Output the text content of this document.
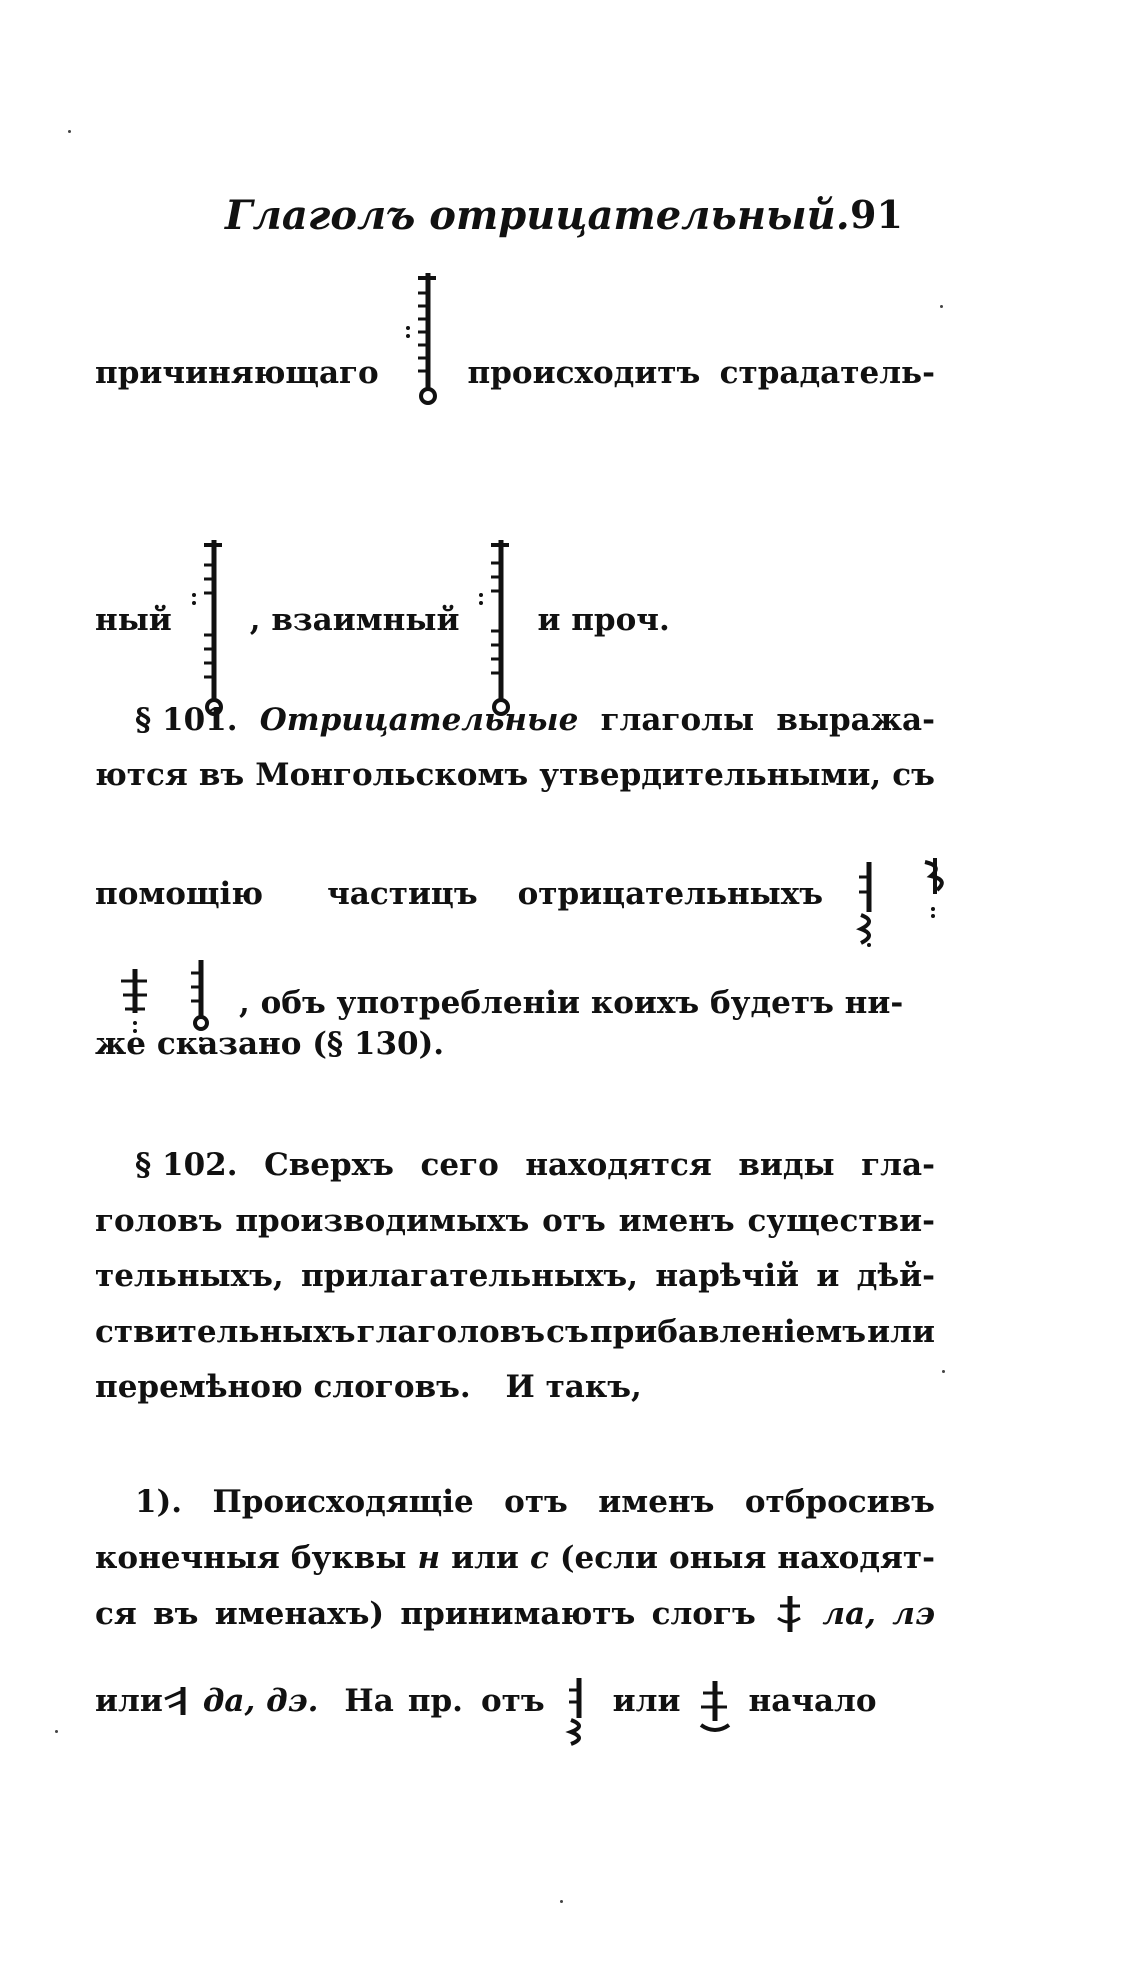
Глаголъ отрицательный. 91
причиняющаго	происходитъ страдатель-
ный	, взаимный	и проч.
§ 101. Отрицательные глаголы выража-
ются въ Монгольскомъ утвердительными, съ
помощію частицъ отрицательныхъ
, объ употребленіи коихъ будетъ ни-
же сказано (§ 130).
§ 102. Сверхъ сего находятся виды гла-
головъ производимыхъ отъ именъ существи-
тельныхъ, прилагательныхъ, нарѣчій и дѣй-
ствительныхъ глаголовъ съ прибавленіемъ или
перемѣною слоговъ. И такъ,
1). Происходящіе отъ именъ отбросивъ
конечныя буквы н или с (если оныя находят-
ся въ именахъ) принимаютъ слогъ ла, лэ
или да, дэ. На пр. отъ или начало
